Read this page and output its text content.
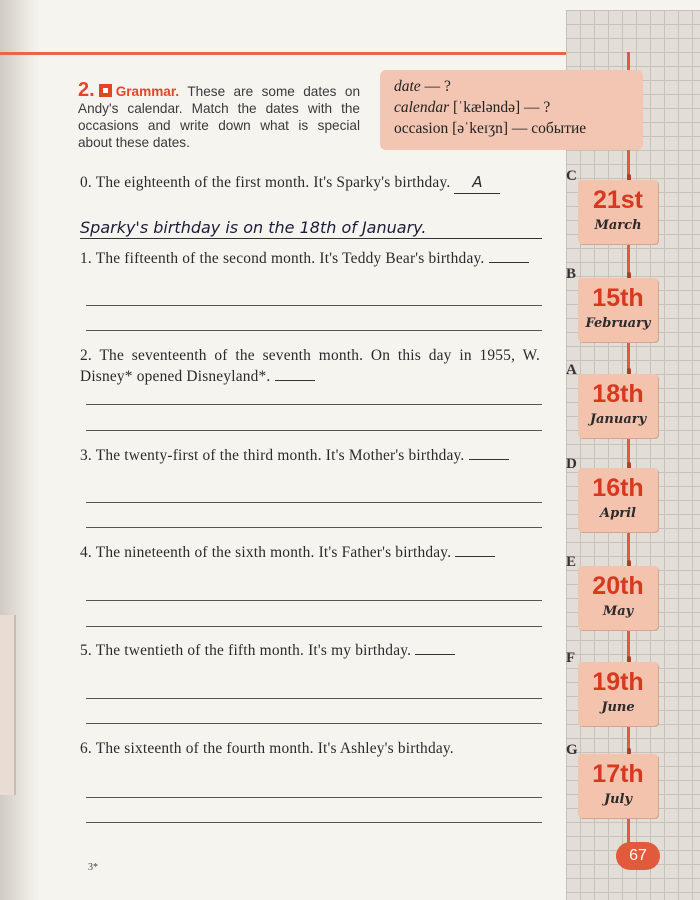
2. Grammar. These are some dates on Andy's calendar. Match the dates with the occasions and write down what is special about these dates.
date — ?
calendar [ˈkæləndə] — ?
occasion [əˈkeɪʒn] — событие
0. The eighteenth of the first month. It's Sparky's birthday. A
Sparky's birthday is on the 18th of January.
1. The fifteenth of the second month. It's Teddy Bear's birthday.
2. The seventeenth of the seventh month. On this day in 1955, W. Disney* opened Disneyland*.
3. The twenty-first of the third month. It's Mother's birthday.
4. The nineteenth of the sixth month. It's Father's birthday.
5. The twentieth of the fifth month. It's my birthday.
6. The sixteenth of the fourth month. It's Ashley's birthday.
C
21st
March
B
15th
February
A
18th
January
D
16th
April
E
20th
May
F
19th
June
G
17th
July
67
3*
